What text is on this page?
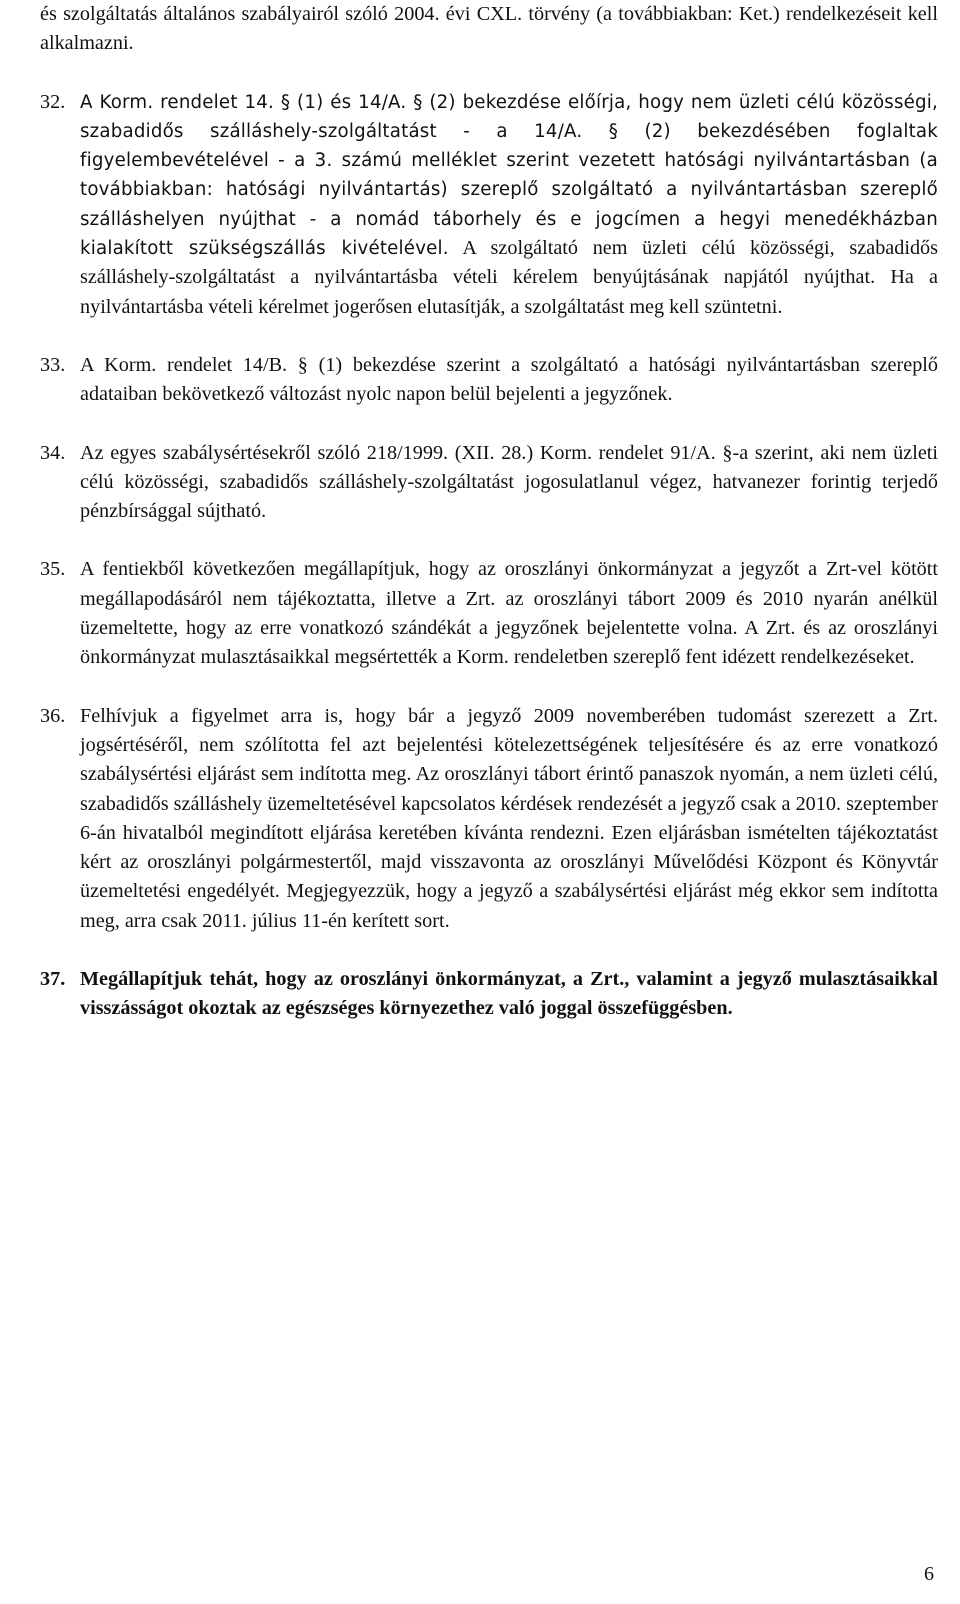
és szolgáltatás általános szabályairól szóló 2004. évi CXL. törvény (a továbbiakban: Ket.) rendelkezéseit kell alkalmazni.

32. A Korm. rendelet 14. § (1) és 14/A. § (2) bekezdése előírja, hogy nem üzleti célú közösségi, szabadidős szálláshely-szolgáltatást - a 14/A. § (2) bekezdésében foglaltak figyelembevételével - a 3. számú melléklet szerint vezetett hatósági nyilvántartásban (a továbbiakban: hatósági nyilvántartás) szereplő szolgáltató a nyilvántartásban szereplő szálláshelyen nyújthat - a nomád táborhely és e jogcímen a hegyi menedékházban kialakított szükségszállás kivételével. A szolgáltató nem üzleti célú közösségi, szabadidős szálláshely-szolgáltatást a nyilvántartásba vételi kérelem benyújtásának napjától nyújthat. Ha a nyilvántartásba vételi kérelmet jogerősen elutasítják, a szolgáltatást meg kell szüntetni.

33. A Korm. rendelet 14/B. § (1) bekezdése szerint a szolgáltató a hatósági nyilvántartásban szereplő adataiban bekövetkező változást nyolc napon belül bejelenti a jegyzőnek.

34. Az egyes szabálysértésekről szóló 218/1999. (XII. 28.) Korm. rendelet 91/A. §-a szerint, aki nem üzleti célú közösségi, szabadidős szálláshely-szolgáltatást jogosulatlanul végez, hatvanezer forintig terjedő pénzbírsággal sújtható.

35. A fentiekből következően megállapítjuk, hogy az oroszlányi önkormányzat a jegyzőt a Zrt-vel kötött megállapodásáról nem tájékoztatta, illetve a Zrt. az oroszlányi tábort 2009 és 2010 nyarán anélkül üzemeltette, hogy az erre vonatkozó szándékát a jegyzőnek bejelentette volna. A Zrt. és az oroszlányi önkormányzat mulasztásaikkal megsértették a Korm. rendeletben szereplő fent idézett rendelkezéseket.

36. Felhívjuk a figyelmet arra is, hogy bár a jegyző 2009 novemberében tudomást szerezett a Zrt. jogsértéséről, nem szólította fel azt bejelentési kötelezettségének teljesítésére és az erre vonatkozó szabálysértési eljárást sem indította meg. Az oroszlányi tábort érintő panaszok nyomán, a nem üzleti célú, szabadidős szálláshely üzemeltetésével kapcsolatos kérdések rendezését a jegyző csak a 2010. szeptember 6-án hivatalból megindított eljárása keretében kívánta rendezni. Ezen eljárásban ismételten tájékoztatást kért az oroszlányi polgármestertől, majd visszavonta az oroszlányi Művelődési Központ és Könyvtár üzemeltetési engedélyét. Megjegyezzük, hogy a jegyző a szabálysértési eljárást még ekkor sem indította meg, arra csak 2011. július 11-én kerített sort.

37. Megállapítjuk tehát, hogy az oroszlányi önkormányzat, a Zrt., valamint a jegyző mulasztásaikkal visszásságot okoztak az egészséges környezethez való joggal összefüggésben.

6
